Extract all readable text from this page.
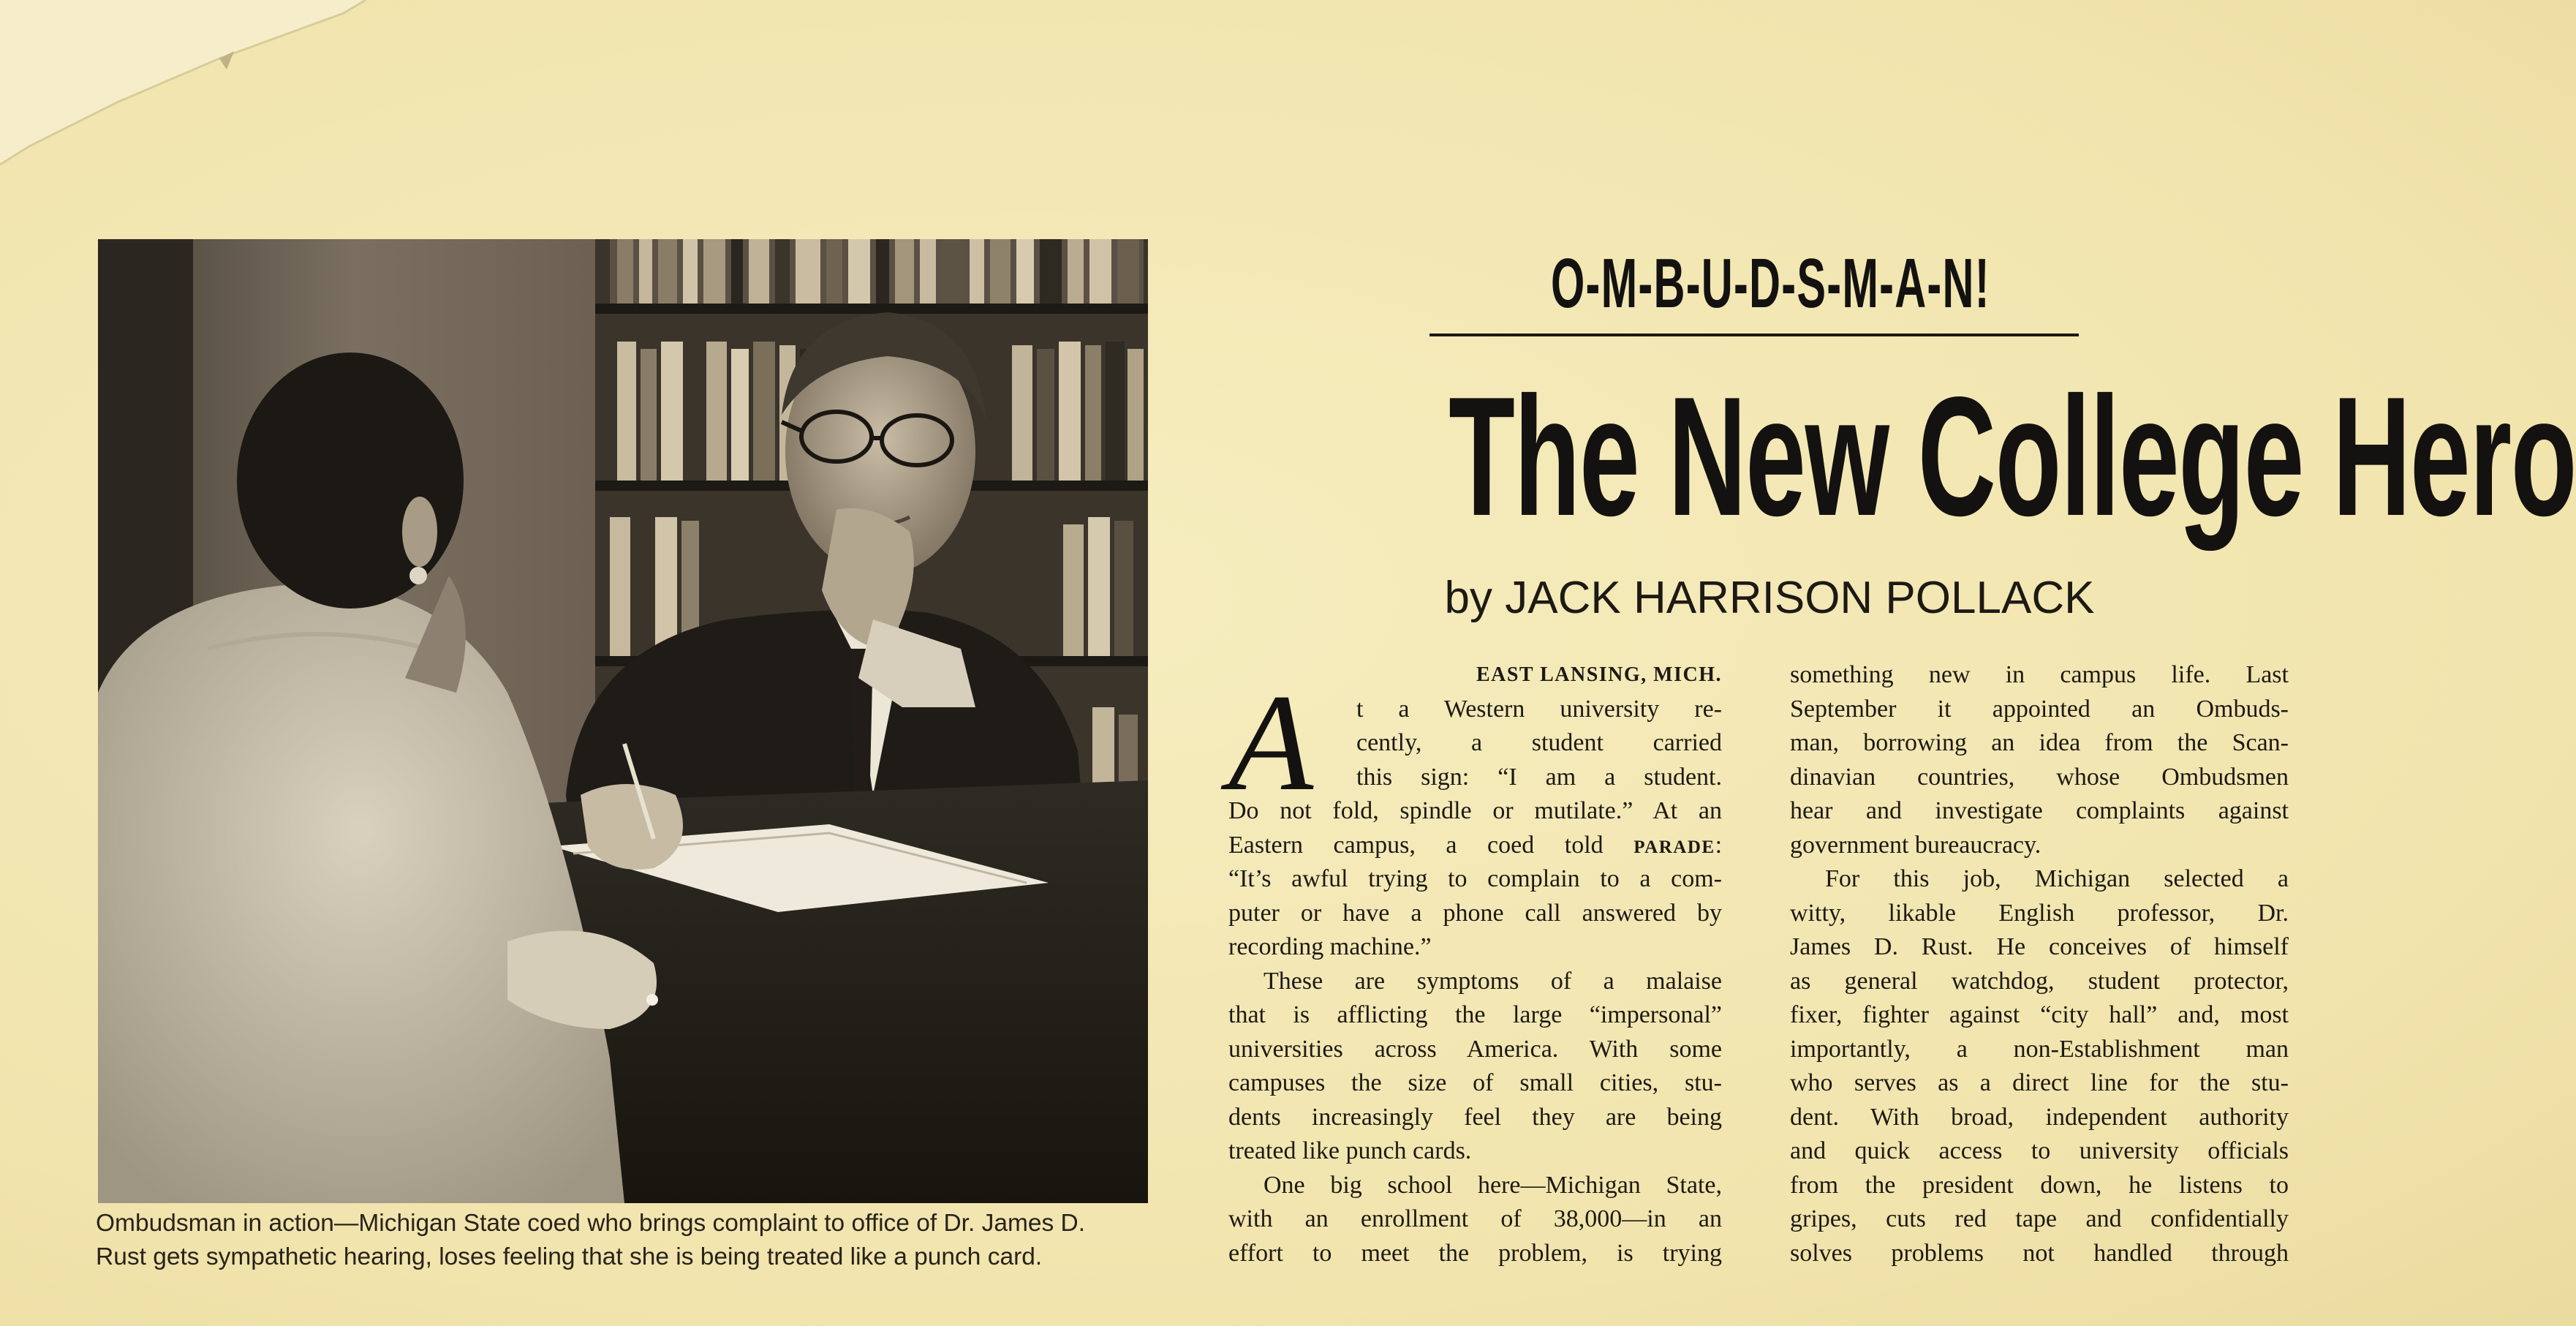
Ombudsman in action—Michigan State coed who brings complaint to office of Dr. James D.
Rust gets sympathetic hearing, loses feeling that she is being treated like a punch card.
O-M-B-U-D-S-M-A-N!
The New College Hero
by JACK HARRISON POLLACK
EAST LANSING, MICH.
A	t a Western university re-
cently, a student carried
this sign: “I am a student.
Do not fold, spindle or mutilate.” At an
Eastern campus, a coed told PARADE:
“It’s awful trying to complain to a com-
puter or have a phone call answered by
recording machine.”
These are symptoms of a malaise
that is afflicting the large “impersonal”
universities across America. With some
campuses the size of small cities, stu-
dents increasingly feel they are being
treated like punch cards.
One big school here—Michigan State,
with an enrollment of 38,000—in an
effort to meet the problem, is trying
something new in campus life. Last
September it appointed an Ombuds-
man, borrowing an idea from the Scan-
dinavian countries, whose Ombudsmen
hear and investigate complaints against
government bureaucracy.
For this job, Michigan selected a
witty, likable English professor, Dr.
James D. Rust. He conceives of himself
as general watchdog, student protector,
fixer, fighter against “city hall” and, most
importantly, a non-Establishment man
who serves as a direct line for the stu-
dent. With broad, independent authority
and quick access to university officials
from the president down, he listens to
gripes, cuts red tape and confidentially
solves problems not handled through
